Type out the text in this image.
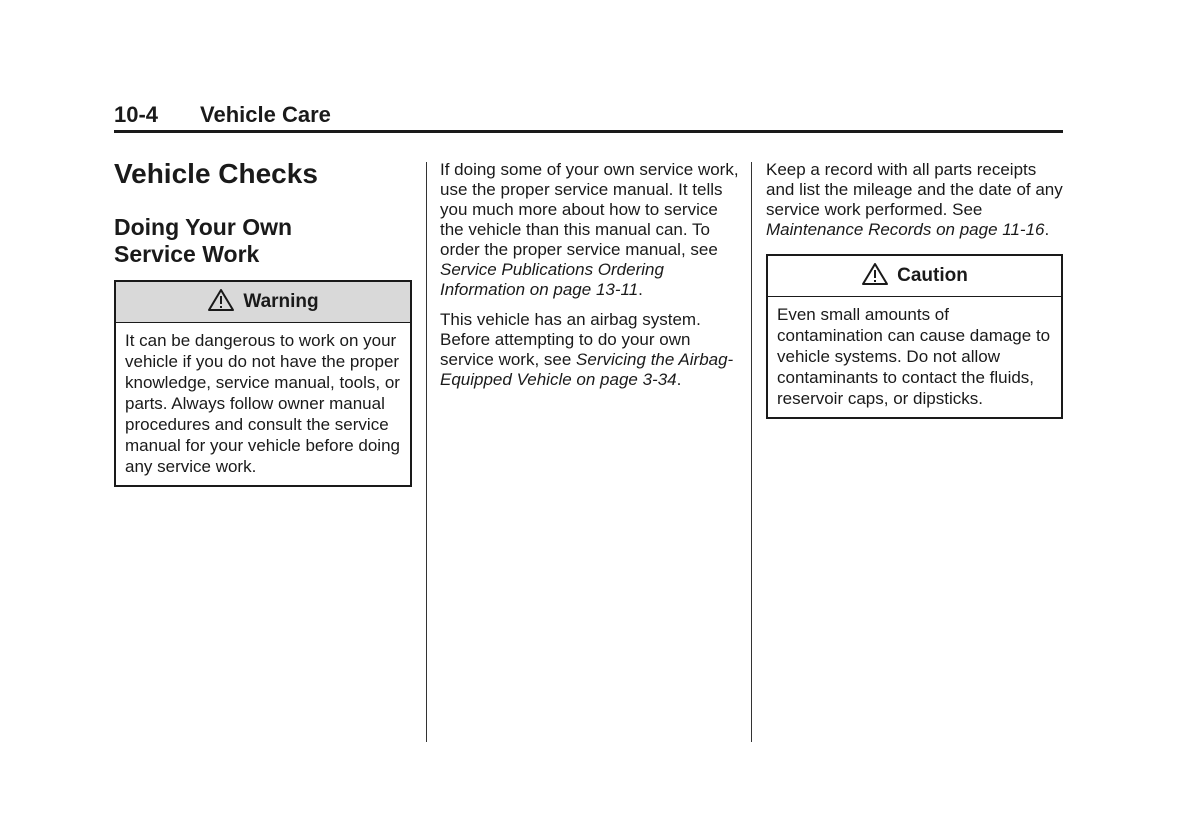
10-4 Vehicle Care
Vehicle Checks
Doing Your Own Service Work
Warning
It can be dangerous to work on your vehicle if you do not have the proper knowledge, service manual, tools, or parts. Always follow owner manual procedures and consult the service manual for your vehicle before doing any service work.

If doing some of your own service work, use the proper service manual. It tells you much more about how to service the vehicle than this manual can. To order the proper service manual, see Service Publications Ordering Information on page 13-11.

This vehicle has an airbag system. Before attempting to do your own service work, see Servicing the Airbag-Equipped Vehicle on page 3-34.

Keep a record with all parts receipts and list the mileage and the date of any service work performed. See Maintenance Records on page 11-16.

Caution
Even small amounts of contamination can cause damage to vehicle systems. Do not allow contaminants to contact the fluids, reservoir caps, or dipsticks.
